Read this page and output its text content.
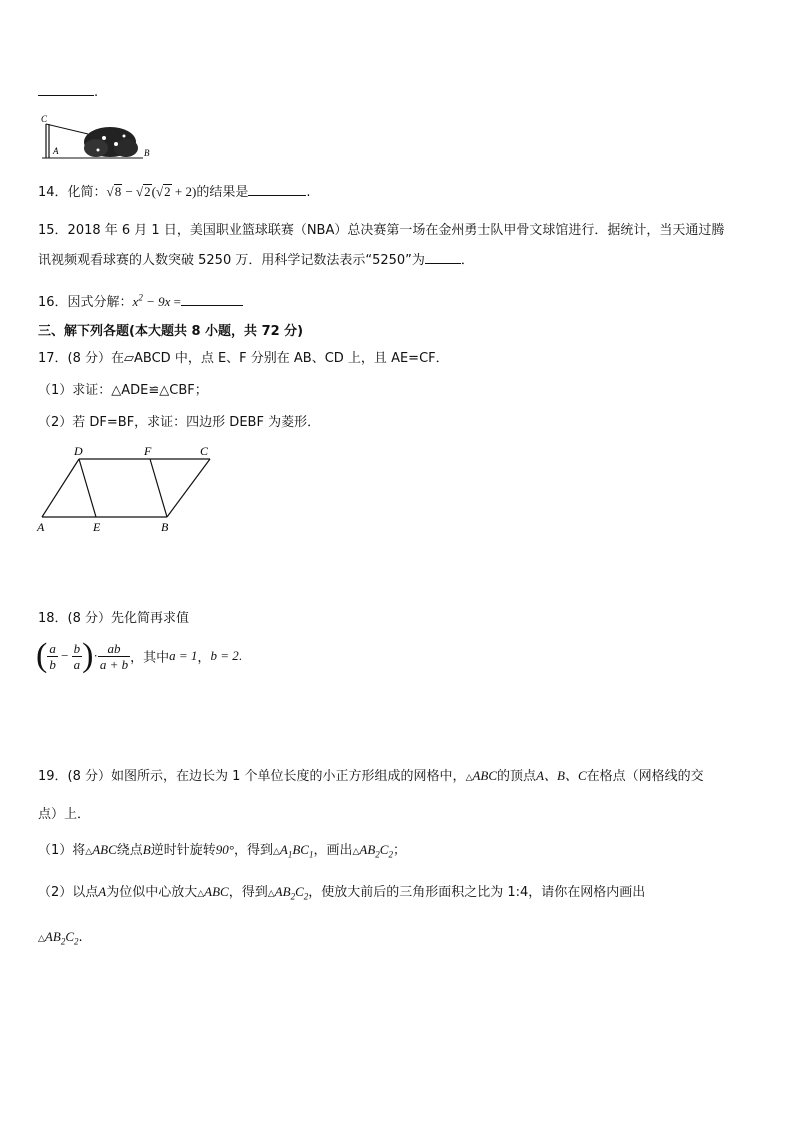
.
C
A	B
14．化简：√8 − √2(√2 + 2)的结果是	.
15．2018 年 6 月 1 日，美国职业篮球联赛（NBA）总决赛第一场在金州勇士队甲骨文球馆进行．据统计，当天通过腾
讯视频观看球赛的人数突破 5250 万．用科学记数法表示“5250”为	．
16．因式分解：$x^2 - 9x$ =
三、解下列各题(本大题共 8 小题，共 72 分)
17．(8 分）在▱ABCD 中，点 E、F 分别在 AB、CD 上，且 AE=CF．
（1）求证：△ADE≌△CBF；
（2）若 DF=BF，求证：四边形 DEBF 为菱形．
D	F	C
A	E	B
18．(8 分）先化简再求值
( $\frac{a}{b} - \frac{b}{a}$ )· $\frac{ab}{a + b}$ ，其中a = 1，b = 2.
19．(8 分）如图所示，在边长为 1 个单位长度的小正方形组成的网格中，△ABC的顶点A、B、C在格点（网格线的交
点）上．
（1）将△ABC绕点B逆时针旋转90°，得到$\triangle A_1BC_1$，画出$\triangle AB_2C_2$；
（2）以点A为位似中心放大△ABC，得到$\triangle AB_2C_2$，使放大前后的三角形面积之比为 1:4，请你在网格内画出
$\triangle AB_2C_2$.
